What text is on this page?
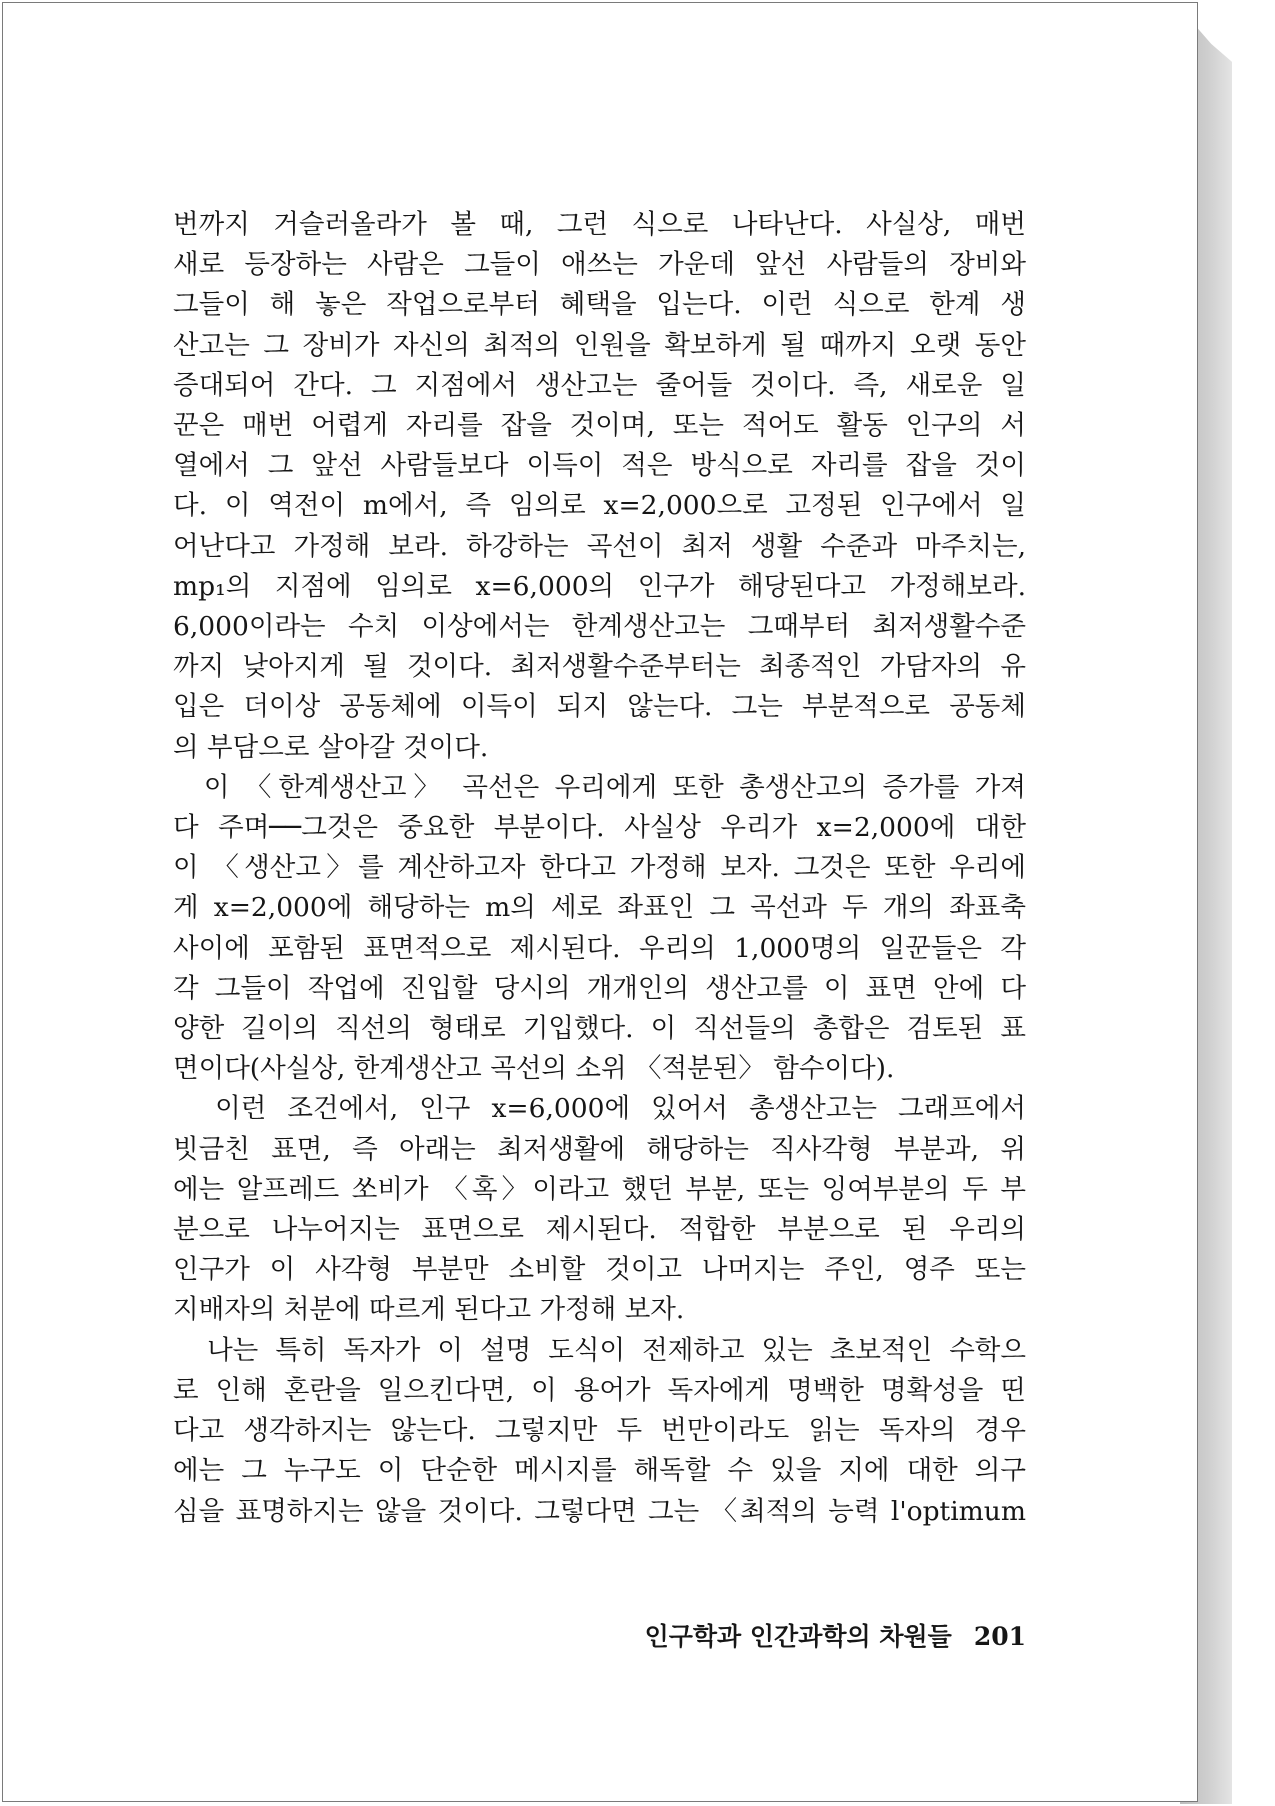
번까지 거슬러올라가 볼 때, 그런 식으로 나타난다. 사실상, 매번
새로 등장하는 사람은 그들이 애쓰는 가운데 앞선 사람들의 장비와
그들이 해 놓은 작업으로부터 혜택을 입는다. 이런 식으로 한계 생
산고는 그 장비가 자신의 최적의 인원을 확보하게 될 때까지 오랫 동안
증대되어 간다. 그 지점에서 생산고는 줄어들 것이다. 즉, 새로운 일
꾼은 매번 어렵게 자리를 잡을 것이며, 또는 적어도 활동 인구의 서
열에서 그 앞선 사람들보다 이득이 적은 방식으로 자리를 잡을 것이
다. 이 역전이 m에서, 즉 임의로 x=2,000으로 고정된 인구에서 일
어난다고 가정해 보라. 하강하는 곡선이 최저 생활 수준과 마주치는,
mp₁의 지점에 임의로 x=6,000의 인구가 해당된다고 가정해보라.
6,000이라는 수치 이상에서는 한계생산고는 그때부터 최저생활수준
까지 낮아지게 될 것이다. 최저생활수준부터는 최종적인 가담자의 유
입은 더이상 공동체에 이득이 되지 않는다. 그는 부분적으로 공동체
의 부담으로 살아갈 것이다.
이 〈한계생산고〉 곡선은 우리에게 또한 총생산고의 증가를 가져
다 주며──그것은 중요한 부분이다. 사실상 우리가 x=2,000에 대한
이 〈생산고〉를 계산하고자 한다고 가정해 보자. 그것은 또한 우리에
게 x=2,000에 해당하는 m의 세로 좌표인 그 곡선과 두 개의 좌표축
사이에 포함된 표면적으로 제시된다. 우리의 1,000명의 일꾼들은 각
각 그들이 작업에 진입할 당시의 개개인의 생산고를 이 표면 안에 다
양한 길이의 직선의 형태로 기입했다. 이 직선들의 총합은 검토된 표
면이다(사실상, 한계생산고 곡선의 소위 〈적분된〉 함수이다).
이런 조건에서, 인구 x=6,000에 있어서 총생산고는 그래프에서
빗금친 표면, 즉 아래는 최저생활에 해당하는 직사각형 부분과, 위
에는 알프레드 쏘비가 〈혹〉이라고 했던 부분, 또는 잉여부분의 두 부
분으로 나누어지는 표면으로 제시된다. 적합한 부분으로 된 우리의
인구가 이 사각형 부분만 소비할 것이고 나머지는 주인, 영주 또는
지배자의 처분에 따르게 된다고 가정해 보자.
나는 특히 독자가 이 설명 도식이 전제하고 있는 초보적인 수학으
로 인해 혼란을 일으킨다면, 이 용어가 독자에게 명백한 명확성을 띤
다고 생각하지는 않는다. 그렇지만 두 번만이라도 읽는 독자의 경우
에는 그 누구도 이 단순한 메시지를 해독할 수 있을 지에 대한 의구
심을 표명하지는 않을 것이다. 그렇다면 그는 〈최적의 능력 l'optimum
인구학과 인간과학의 차원들 201
